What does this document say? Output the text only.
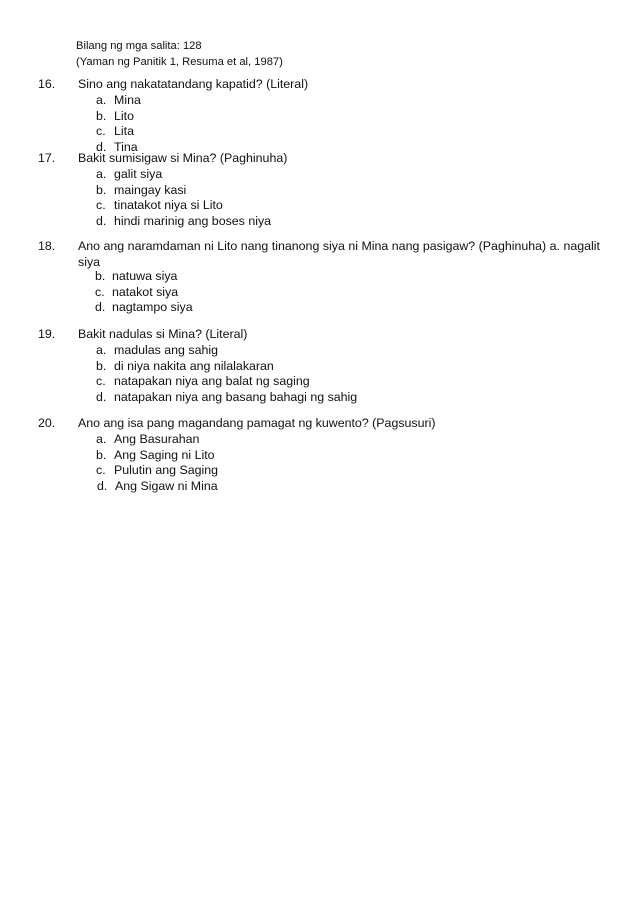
Bilang ng mga salita: 128
(Yaman ng Panitik 1, Resuma et al, 1987)
16. Sino ang nakatatandang kapatid? (Literal)
a. Mina
b. Lito
c. Lita
d. Tina
17. Bakit sumisigaw si Mina? (Paghinuha)
a. galit siya
b. maingay kasi
c. tinatakot niya si Lito
d. hindi marinig ang boses niya
18. Ano ang naramdaman ni Lito nang tinanong siya ni Mina nang pasigaw? (Paghinuha) a. nagalit siya
b. natuwa siya
c. natakot siya
d. nagtampo siya
19. Bakit nadulas si Mina? (Literal)
a. madulas ang sahig
b. di niya nakita ang nilalakaran
c. natapakan niya ang balat ng saging
d. natapakan niya ang basang bahagi ng sahig
20. Ano ang isa pang magandang pamagat ng kuwento? (Pagsusuri)
a. Ang Basurahan
b. Ang Saging ni Lito
c. Pulutin ang Saging
d. Ang Sigaw ni Mina
